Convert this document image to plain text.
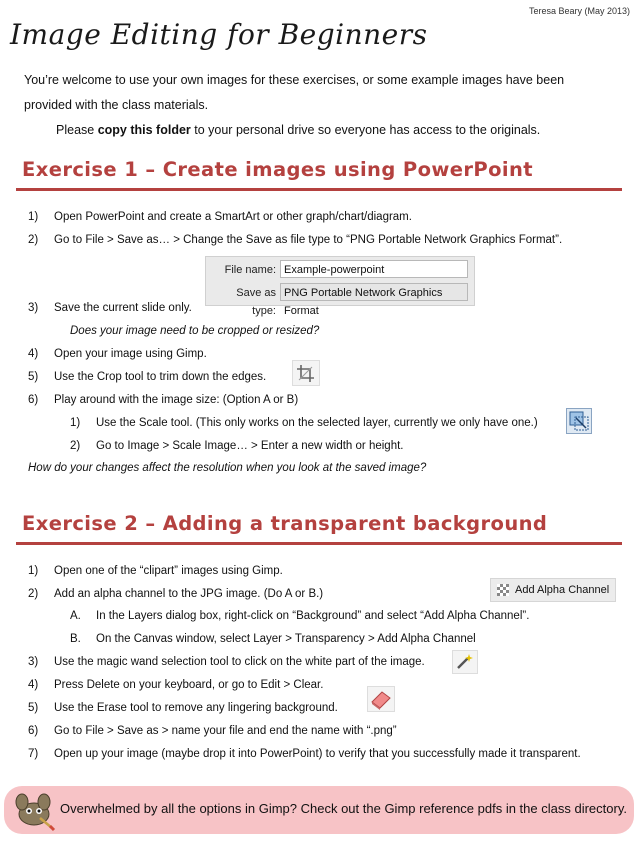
Teresa Beary (May 2013)
Image Editing for Beginners
You’re welcome to use your own images for these exercises, or some example images have been
provided with the class materials.
Please copy this folder to your personal drive so everyone has access to the originals.
Exercise 1 – Create images using PowerPoint
1) Open PowerPoint and create a SmartArt or other graph/chart/diagram.
2) Go to File > Save as… > Change the Save as file type to “PNG Portable Network Graphics Format”.
File name: Example-powerpoint
Save as type:PNG Portable Network Graphics Format
3) Save the current slide only.
Does your image need to be cropped or resized?
4) Open your image using Gimp.
5) Use the Crop tool to trim down the edges.
6) Play around with the image size: (Option A or B)
1) Use the Scale tool. (This only works on the selected layer, currently we only have one.)
2) Go to Image > Scale Image… > Enter a new width or height.
How do your changes affect the resolution when you look at the saved image?
Exercise 2 – Adding a transparent background
1) Open one of the “clipart” images using Gimp.
2) Add an alpha channel to the JPG image. (Do A or B.)	Add Alpha Channel
A. In the Layers dialog box, right-click on “Background” and select “Add Alpha Channel”.
B. On the Canvas window, select Layer > Transparency > Add Alpha Channel
3) Use the magic wand selection tool to click on the white part of the image.
4) Press Delete on your keyboard, or go to Edit > Clear.
5) Use the Erase tool to remove any lingering background.
6) Go to File > Save as > name your file and end the name with “.png”
7) Open up your image (maybe drop it into PowerPoint) to verify that you successfully made it transparent.
Overwhelmed by all the options in Gimp? Check out the Gimp reference pdfs in the class directory.
